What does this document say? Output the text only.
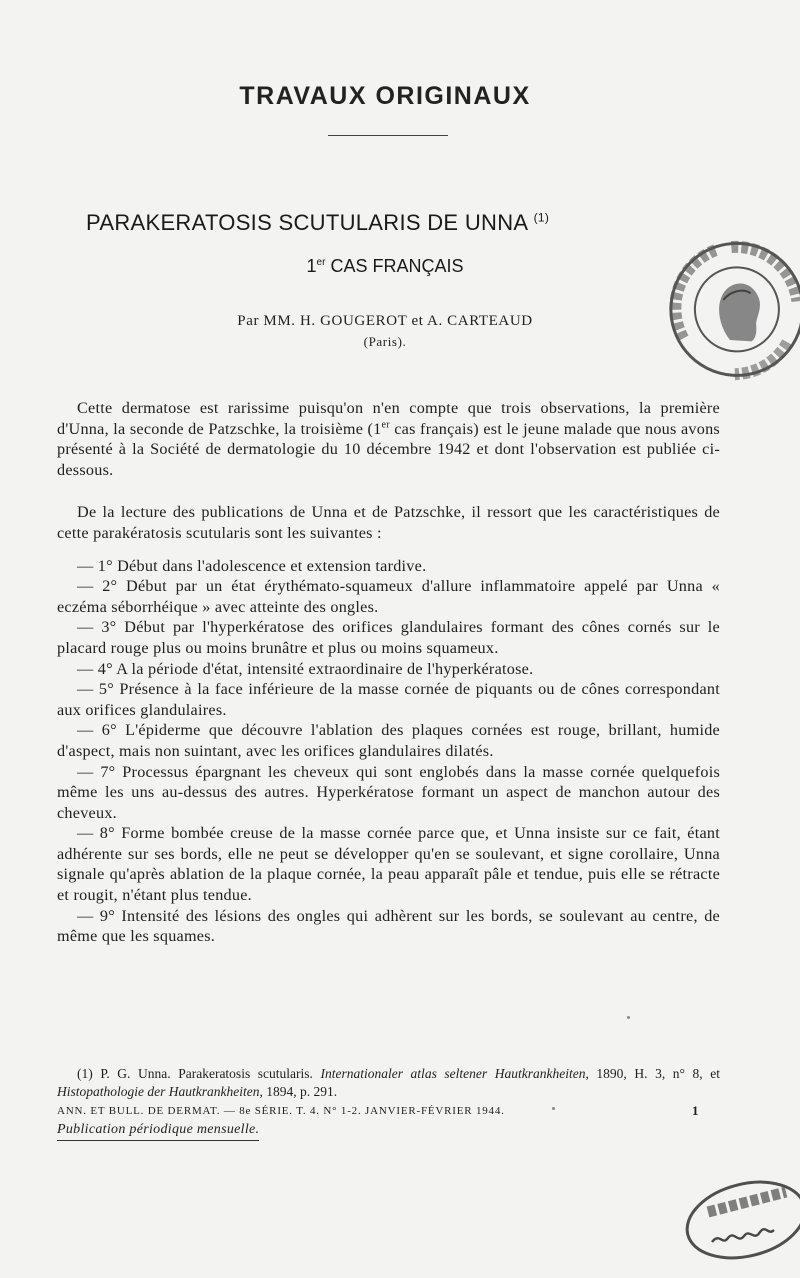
TRAVAUX ORIGINAUX
PARAKERATOSIS SCUTULARIS DE UNNA $^{(1)}$
1er CAS FRANÇAIS
Par MM. H. GOUGEROT et A. CARTEAUD
(Paris).

Cette dermatose est rarissime puisqu'on n'en compte que trois observations, la première d'Unna, la seconde de Patzschke, la troisième (1er cas français) est le jeune malade que nous avons présenté à la Société de dermatologie du 10 décembre 1942 et dont l'observation est publiée ci-dessous.

De la lecture des publications de Unna et de Patzschke, il ressort que les caractéristiques de cette parakératosis scutularis sont les suivantes :

— 1° Début dans l'adolescence et extension tardive.

— 2° Début par un état érythémato-squameux d'allure inflammatoire appelé par Unna « eczéma séborrhéique » avec atteinte des ongles.

— 3° Début par l'hyperkératose des orifices glandulaires formant des cônes cornés sur le placard rouge plus ou moins brunâtre et plus ou moins squameux.

— 4° A la période d'état, intensité extraordinaire de l'hyperkératose.

— 5° Présence à la face inférieure de la masse cornée de piquants ou de cônes correspondant aux orifices glandulaires.

— 6° L'épiderme que découvre l'ablation des plaques cornées est rouge, brillant, humide d'aspect, mais non suintant, avec les orifices glandulaires dilatés.

— 7° Processus épargnant les cheveux qui sont englobés dans la masse cornée quelquefois même les uns au-dessus des autres. Hyperkératose formant un aspect de manchon autour des cheveux.

— 8° Forme bombée creuse de la masse cornée parce que, et Unna insiste sur ce fait, étant adhérente sur ses bords, elle ne peut se développer qu'en se soulevant, et signe corollaire, Unna signale qu'après ablation de la plaque cornée, la peau apparaît pâle et tendue, puis elle se rétracte et rougit, n'étant plus tendue.

— 9° Intensité des lésions des ongles qui adhèrent sur les bords, se soulevant au centre, de même que les squames.

(1) P. G. Unna. Parakeratosis scutularis. Internationaler atlas seltener Hautkrankheiten, 1890, H. 3, n° 8, et Histopathologie der Hautkrankheiten, 1894, p. 291.
ANN. ET BULL. DE DERMAT. — 8e SÉRIE. T. 4. N° 1-2. JANVIER-FÉVRIER 1944.	1
Publication périodique mensuelle.
